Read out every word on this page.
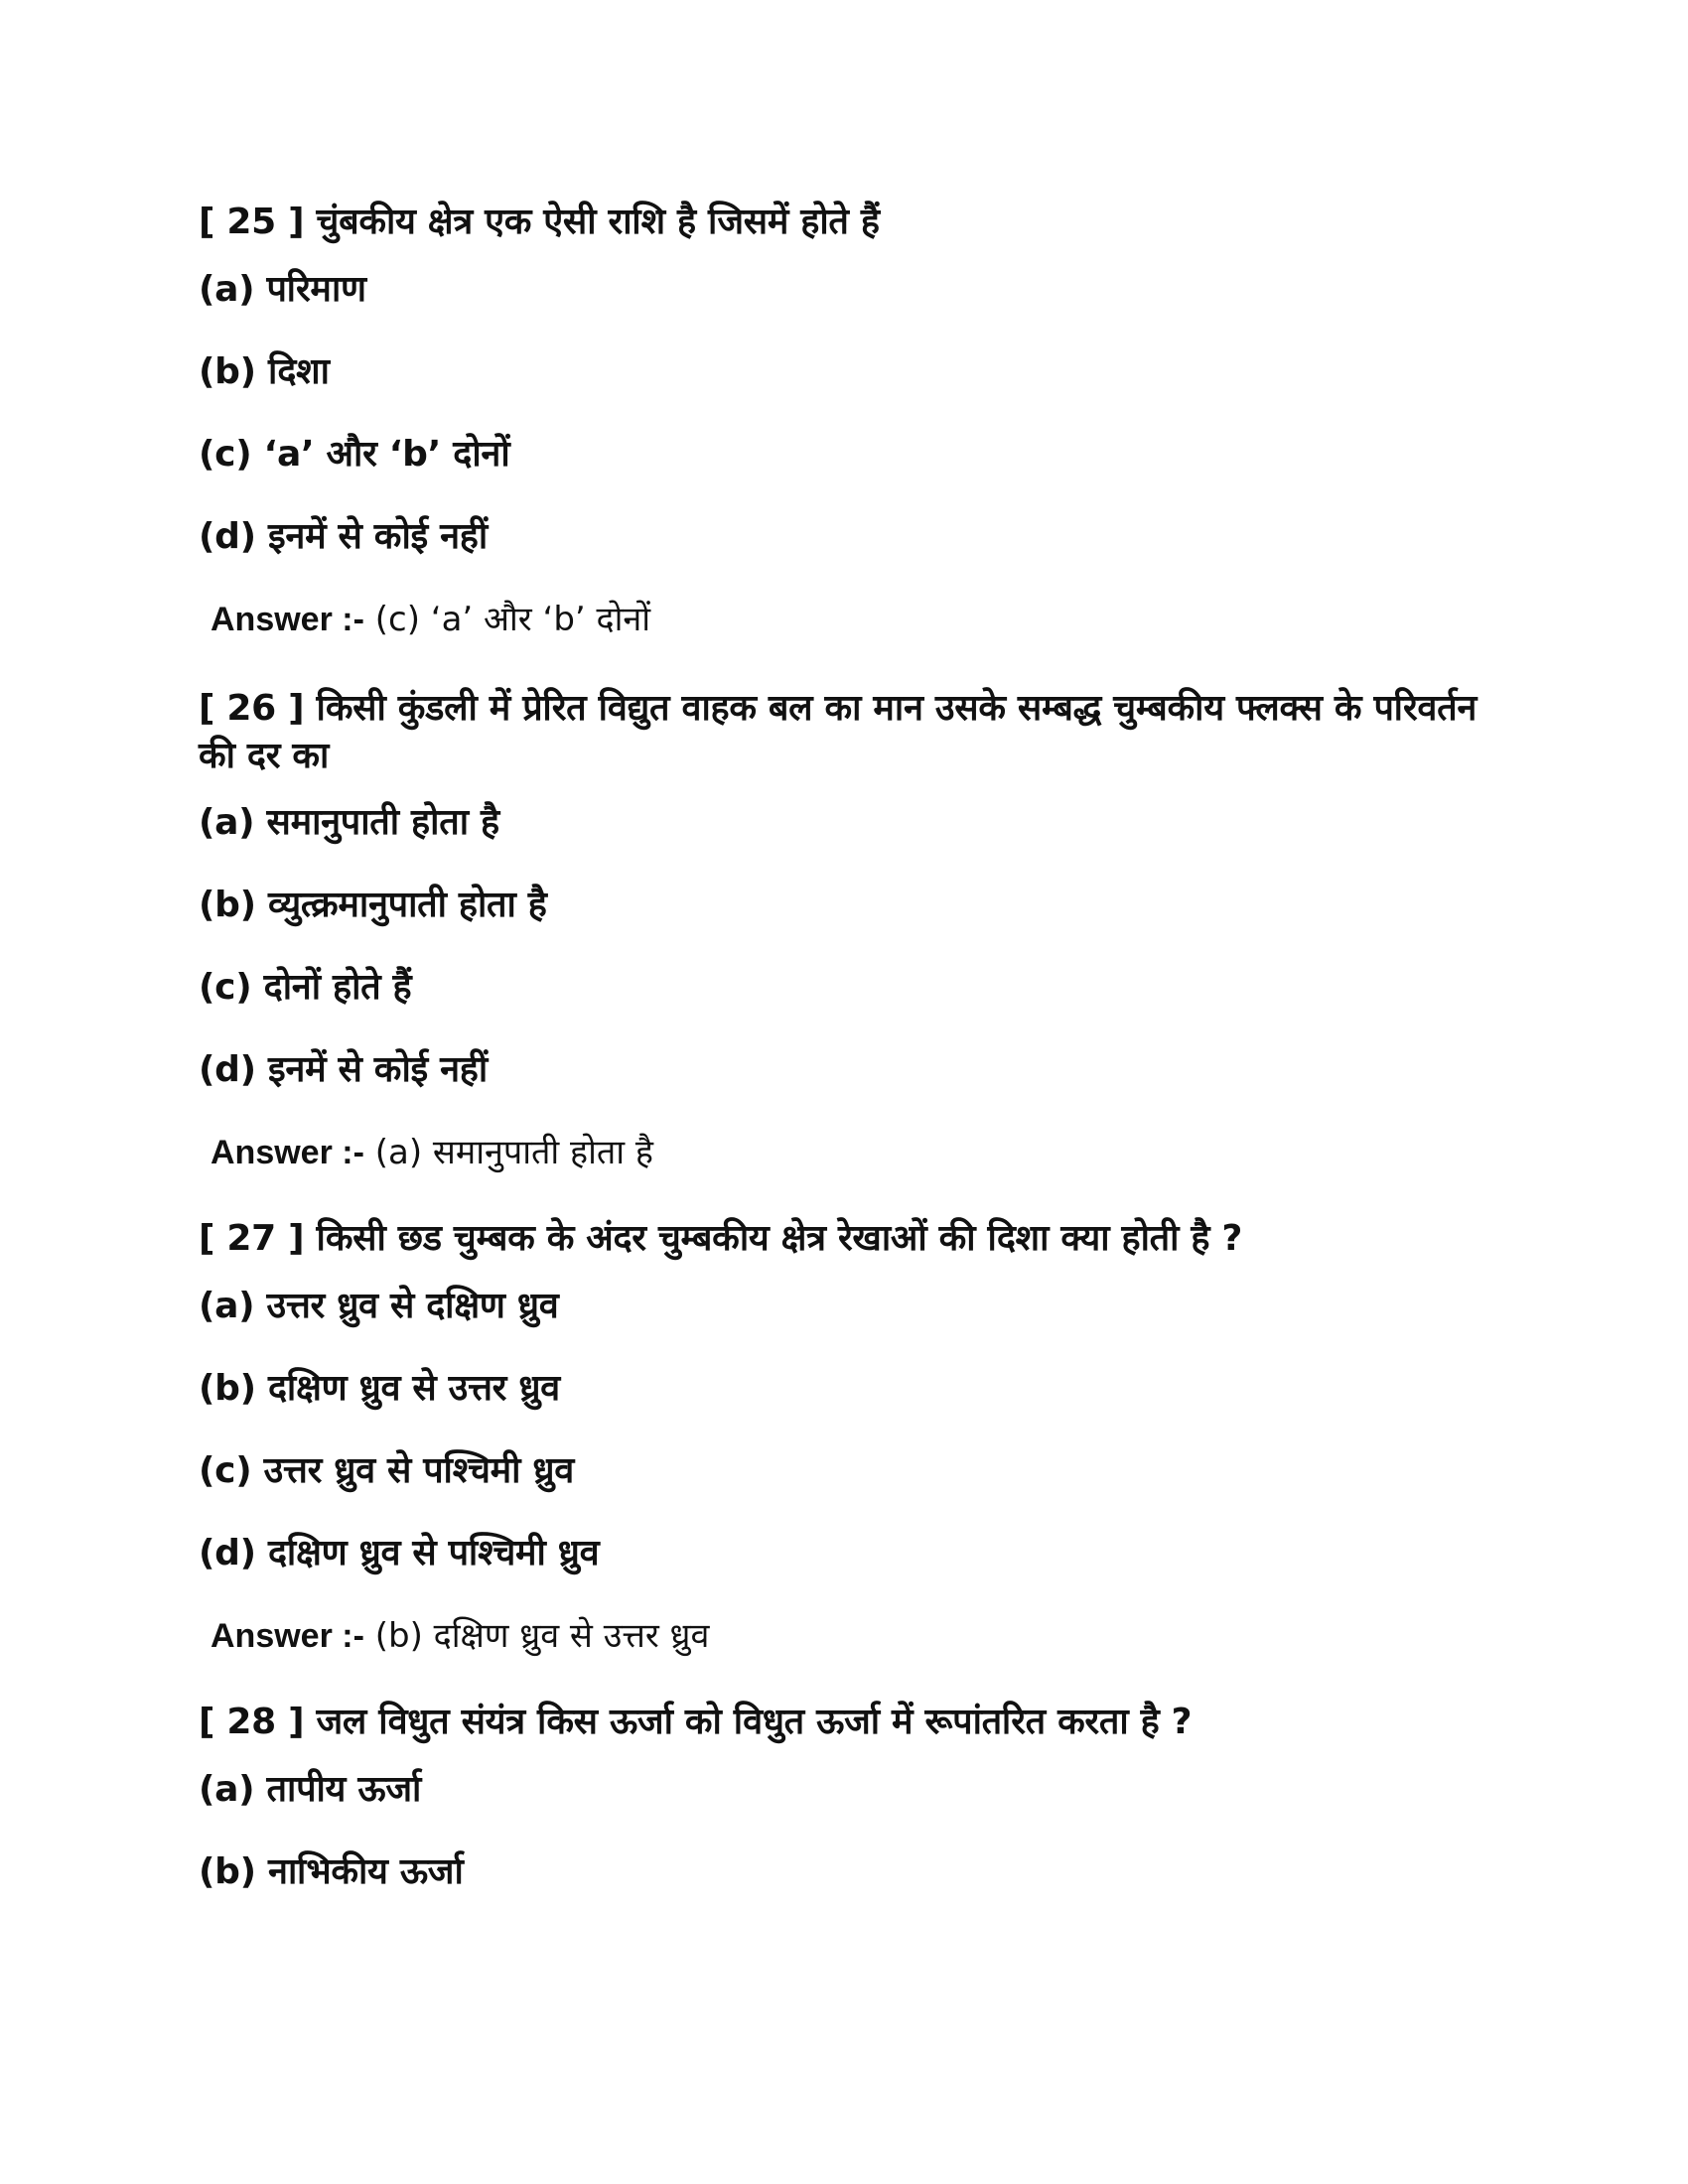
[ 25 ] चुंबकीय क्षेत्र एक ऐसी राशि है जिसमें होते हैं

(a) परिमाण

(b) दिशा

(c) ‘a’ और ‘b’ दोनों

(d) इनमें से कोई नहीं

Answer :- (c) ‘a’ और ‘b’ दोनों

[ 26 ] किसी कुंडली में प्रेरित विद्युत वाहक बल का मान उसके सम्बद्ध चुम्बकीय फ्लक्स के परिवर्तन की दर का

(a) समानुपाती होता है

(b) व्युत्क्रमानुपाती होता है

(c) दोनों होते हैं

(d) इनमें से कोई नहीं

Answer :- (a) समानुपाती होता है

[ 27 ] किसी छड चुम्बक के अंदर चुम्बकीय क्षेत्र रेखाओं की दिशा क्या होती है ?

(a) उत्तर ध्रुव से दक्षिण ध्रुव

(b) दक्षिण ध्रुव से उत्तर ध्रुव

(c) उत्तर ध्रुव से पश्चिमी ध्रुव

(d) दक्षिण ध्रुव से पश्चिमी ध्रुव

Answer :- (b) दक्षिण ध्रुव से उत्तर ध्रुव

[ 28 ] जल विधुत संयंत्र किस ऊर्जा को विधुत ऊर्जा में रूपांतरित करता है ?

(a) तापीय ऊर्जा

(b) नाभिकीय ऊर्जा
